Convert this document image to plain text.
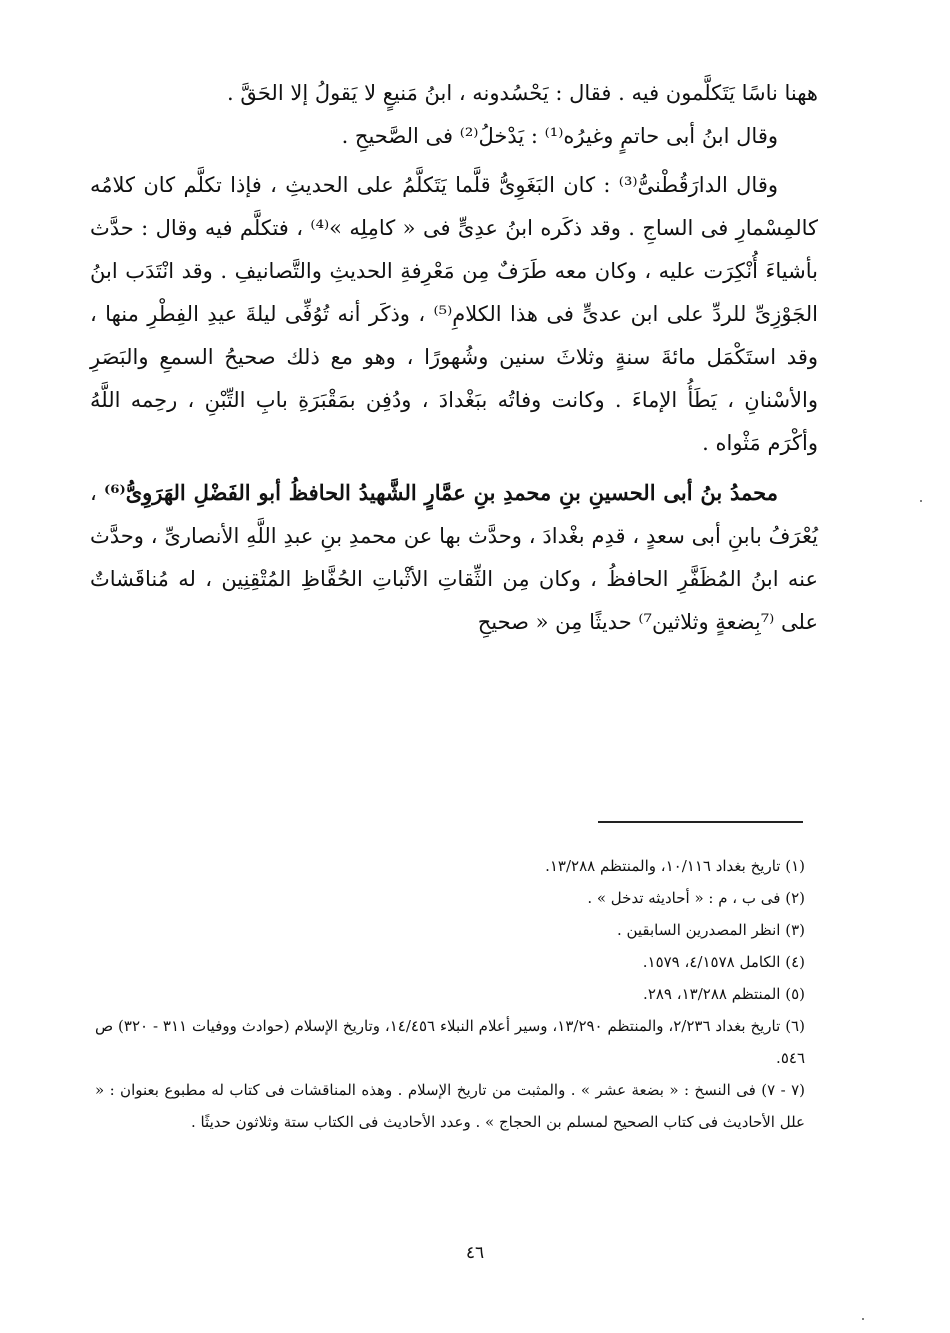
ههنا ناسًا يَتَكلَّمون فيه . فقال : يَحْسُدونه ، ابنُ مَنيعٍ لا يَقولُ إلا الحَقَّ .

وقال ابنُ أبى حاتمٍ وغيرُه⁽¹⁾ : يَدْخلُ⁽²⁾ فى الصَّحيحِ .

وقال الدارَقُطْنىُّ⁽³⁾ : كان البَغَوِىُّ قلَّما يَتَكلَّمُ على الحديثِ ، فإذا تكلَّم كان كلامُه كالمِسْمارِ فى الساجِ . وقد ذكَره ابنُ عدِىٍّ فى « كامِلِه »⁽⁴⁾ ، فتكلَّم فيه وقال : حدَّث بأشياءَ أُنْكِرَت عليه ، وكان معه طَرَفٌ مِن مَعْرِفةِ الحديثِ والتَّصانيفِ . وقد انْتَدَب ابنُ الجَوْزِىِّ للردِّ على ابن عدىٍّ فى هذا الكلامِ⁽⁵⁾ ، وذكَر أنه تُوُفِّى ليلةَ عيدِ الفِطْرِ منها ، وقد استَكْمَل مائةَ سنةٍ وثلاثَ سنين وشُهورًا ، وهو مع ذلك صحيحُ السمعِ والبَصَرِ والأسْنانِ ، يَطَأُ الإماءَ . وكانت وفاتُه ببَغْدادَ ، ودُفِن بمَقْبَرَةِ بابِ التِّبْنِ ، رحِمه اللَّهُ وأكْرَم مَثْواه .

محمدُ بنُ أبى الحسينِ بنِ محمدِ بنِ عمَّارٍ الشَّهيدُ الحافظُ أبو الفَضْلِ الهَرَوِىُّ⁽⁶⁾ ، يُعْرَفُ بابنِ أبى سعدٍ ، قدِم بغْدادَ ، وحدَّث بها عن محمدِ بنِ عبدِ اللَّهِ الأنصارىِّ ، وحدَّث عنه ابنُ المُظَفَّرِ الحافظُ ، وكان مِن الثِّقاتِ الأثْباتِ الحُفَّاظِ المُتْقِنِين ، له مُناقَشاتٌ على ⁽⁷بِضعةٍ وثلاثين⁷⁾ حديثًا مِن « صحيحِ

(١) تاريخ بغداد ١٠/١١٦، والمنتظم ١٣/٢٨٨.

(٢) فى ب ، م : « أحاديثه تدخل » .

(٣) انظر المصدرين السابقين .

(٤) الكامل ٤/١٥٧٨، ١٥٧٩.

(٥) المنتظم ١٣/٢٨٨، ٢٨٩.

(٦) تاريخ بغداد ٢/٢٣٦، والمنتظم ١٣/٢٩٠، وسير أعلام النبلاء ١٤/٤٥٦، وتاريخ الإسلام (حوادث ووفيات ٣١١ - ٣٢٠) ص ٥٤٦.

(٧ - ٧) فى النسخ : « بضعة عشر » . والمثبت من تاريخ الإسلام . وهذه المناقشات فى كتاب له مطبوع بعنوان : « علل الأحاديث فى كتاب الصحيح لمسلم بن الحجاج » . وعدد الأحاديث فى الكتاب ستة وثلاثون حديثًا .

٤٦
